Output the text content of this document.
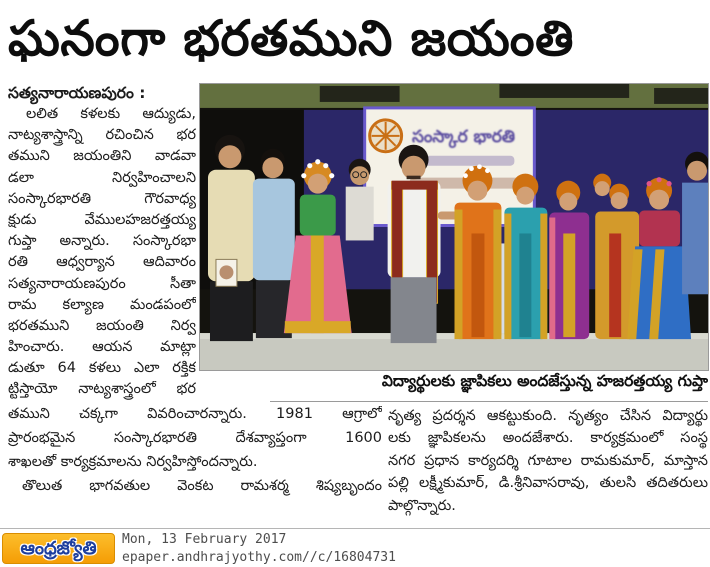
ఘనంగా భరతముని జయంతి
సత్యనారాయణపురం :
లలిత కళలకు ఆద్యుడు,
నాట్యశాస్త్రాన్ని రచించిన భర
తముని జయంతిని వాడవా
డలా నిర్వహించాలని
సంస్కారభారతి గౌరవాధ్య
క్షుడు వేములహజరత్తయ్య
గుప్తా అన్నారు. సంస్కారభా
రతి ఆధ్వర్యాన ఆదివారం
సత్యనారాయణపురం సీతా
రామ కల్యాణ మండపంలో
భరతముని జయంతి నిర్వ
హించారు. ఆయన మాట్లా
డుతూ 64 కళలు ఎలా రక్తిక
ట్టిస్తాయో నాట్యశాస్త్రంలో భర
సంస్కార భారతి
విద్యార్థులకు జ్ఞాపికలు అందజేస్తున్న హజరత్తయ్య గుప్తా
తముని చక్కగా వివరించారన్నారు. 1981 ఆగ్రాలో
ప్రారంభమైన సంస్కారభారతి దేశవ్యాప్తంగా 1600
శాఖలతో కార్యక్రమాలను నిర్వహిస్తోందన్నారు.
తొలుత భాగవతుల వెంకట రామశర్మ శిష్యబృందం
నృత్య ప్రదర్శన ఆకట్టుకుంది. నృత్యం చేసిన విద్యార్థు
లకు జ్ఞాపికలను అందజేశారు. కార్యక్రమంలో సంస్థ
నగర ప్రధాన కార్యదర్శి గూటాల రామకుమార్, మాస్తాన
పల్లి లక్ష్మీకుమార్, డి.శ్రీనివాసరావు, తులసి తదితరులు
పాల్గొన్నారు.
ఆంధ్రజ్యోతి	Mon, 13 February 2017
epaper.andhrajyothy.com//c/16804731
